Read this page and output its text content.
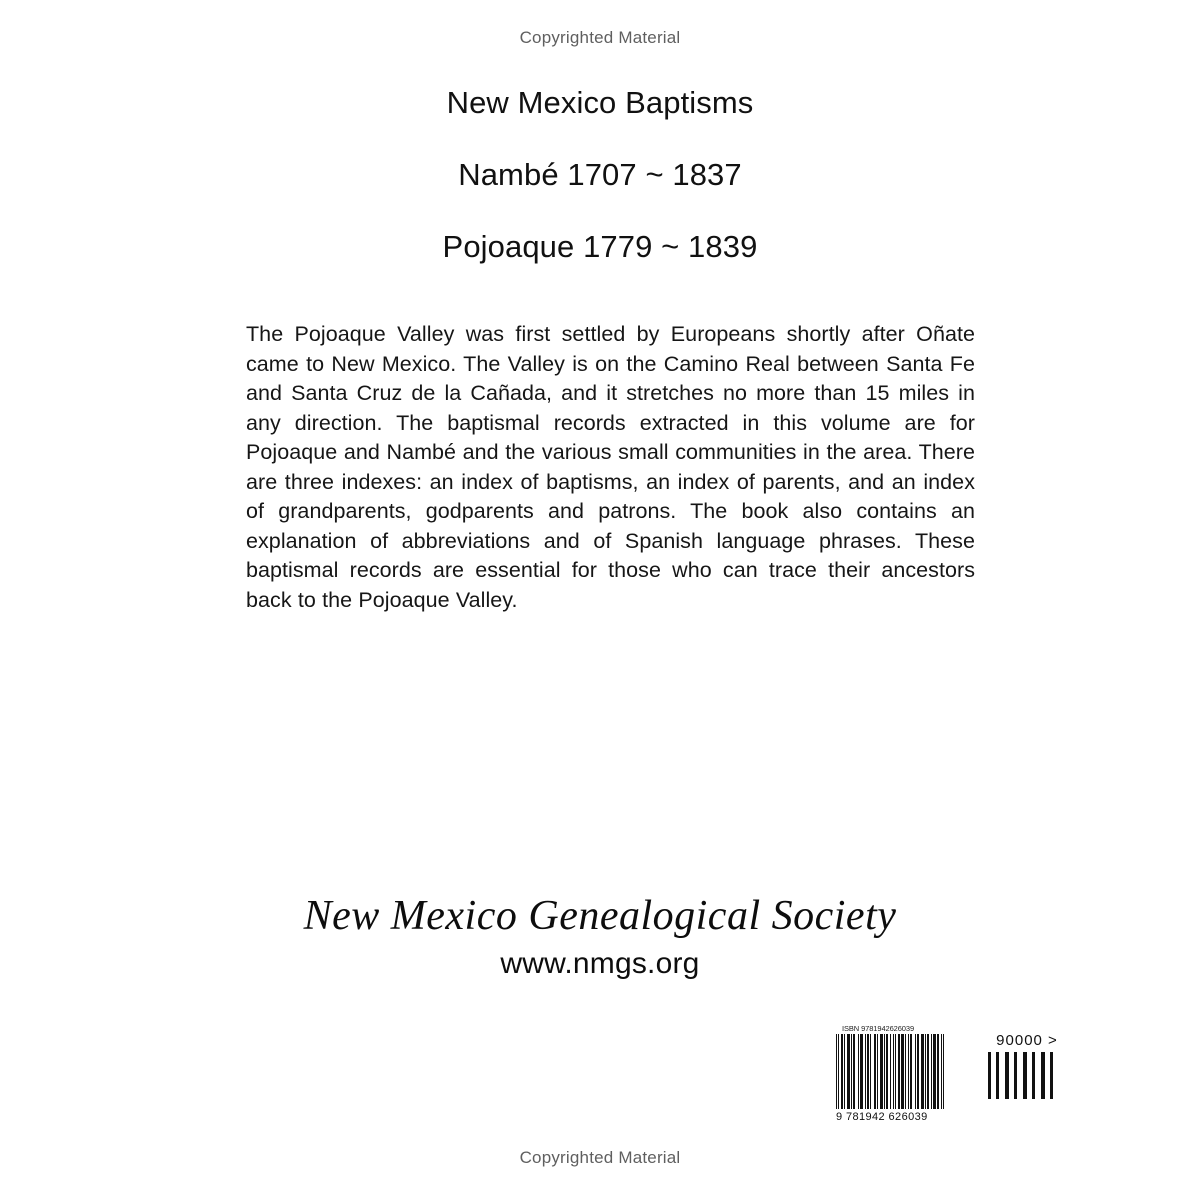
Copyrighted Material
New Mexico Baptisms
Nambé 1707 ~ 1837
Pojoaque 1779 ~ 1839
The Pojoaque Valley was first settled by Europeans shortly after Oñate came to New Mexico. The Valley is on the Camino Real between Santa Fe and Santa Cruz de la Cañada, and it stretches no more than 15 miles in any direction. The baptismal records extracted in this volume are for Pojoaque and Nambé and the various small communities in the area. There are three indexes: an index of baptisms, an index of parents, and an index of grandparents, godparents and patrons. The book also contains an explanation of abbreviations and of Spanish language phrases. These baptismal records are essential for those who can trace their ancestors back to the Pojoaque Valley.
New Mexico Genealogical Society
www.nmgs.org
ISBN 9781942626039
9 781942 626039
90000 >
Copyrighted Material
